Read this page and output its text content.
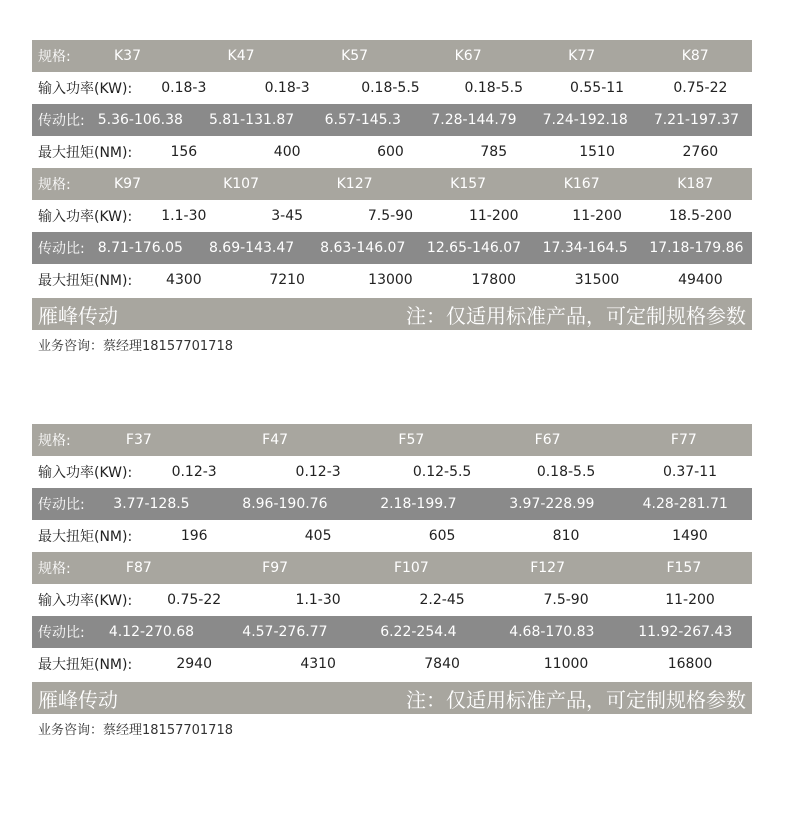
规格:	K37	K47	K57	K67	K77	K87
输入功率(KW):	0.18-3	0.18-3	0.18-5.5	0.18-5.5	0.55-11	0.75-22
传动比: 5.36-106.38	5.81-131.87	6.57-145.3	7.28-144.79	7.24-192.18	7.21-197.37
最大扭矩(NM):	156	400	600	785	1510	2760
规格:	K97	K107	K127	K157	K167	K187
输入功率(KW):	1.1-30	3-45	7.5-90	11-200	11-200	18.5-200
传动比: 8.71-176.05	8.69-143.47	8.63-146.07	12.65-146.07	17.34-164.5	17.18-179.86
最大扭矩(NM):	4300	7210	13000	17800	31500	49400
雁峰传动	注：仅适用标准产品，可定制规格参数
业务咨询：蔡经理18157701718
规格:	F37	F47	F57	F67	F77
输入功率(KW):	0.12-3	0.12-3	0.12-5.5	0.18-5.5	0.37-11
传动比:	3.77-128.5	8.96-190.76	2.18-199.7	3.97-228.99	4.28-281.71
最大扭矩(NM):	196	405	605	810	1490
规格:	F87	F97	F107	F127	F157
输入功率(KW):	0.75-22	1.1-30	2.2-45	7.5-90	11-200
传动比:	4.12-270.68	4.57-276.77	6.22-254.4	4.68-170.83	11.92-267.43
最大扭矩(NM):	2940	4310	7840	11000	16800
雁峰传动	注：仅适用标准产品，可定制规格参数
业务咨询：蔡经理18157701718
